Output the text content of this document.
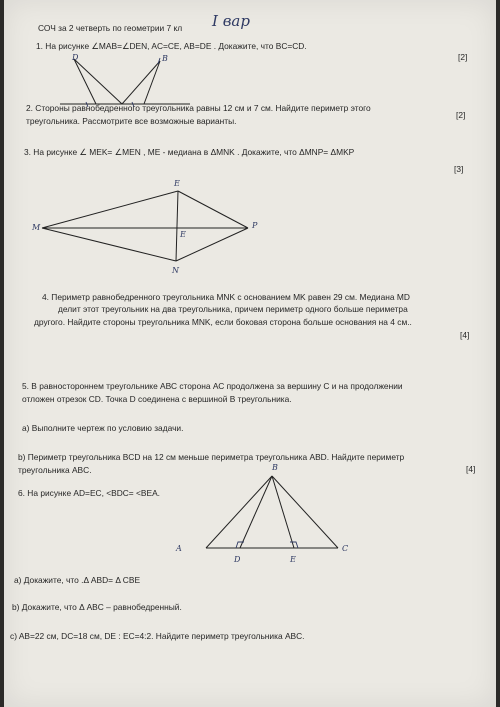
СОЧ за 2 четверть по геометрии 7 кл I вар

1. На рисунке ∠MAB=∠DEN, AC=CE, AB=DE . Докажите, что BC=CD.

[2]

D	B

2. Стороны равнобедренного треугольника равны 12 см и 7 см. Найдите периметр этого

треугольника. Рассмотрите все возможные варианты.

[2]

3. На рисунке ∠ MEK= ∠MEN , ME - медиана в ΔMNK . Докажите, что ΔMNP= ΔMKP

[3]

E
M	P
E
N

4. Периметр равнобедренного треугольника MNK с основанием MK равен 29 см. Медиана MD

делит этот треугольник на два треугольника, причем периметр одного больше периметра

другого. Найдите стороны треугольника MNK, если боковая сторона больше основания на 4 см..

[4]

5. В равностороннем треугольнике АВС сторона АС продолжена за вершину С и на продолжении

отложен отрезок CD. Точка D соединена с вершиной В треугольника.

a) Выполните чертеж по условию задачи.

b) Периметр треугольника BCD на 12 см меньше периметра треугольника ABD. Найдите периметр

треугольника ABC.	[4]

6. На рисунке AD=EC, <BDC= <BEA.

B
A
D	E
C

a) Докажите, что .Δ ABD= Δ CBE

b) Докажите, что Δ ABC – равнобедренный.

c) AB=22 см, DC=18 см, DE : EC=4:2. Найдите периметр треугольника ABC.
